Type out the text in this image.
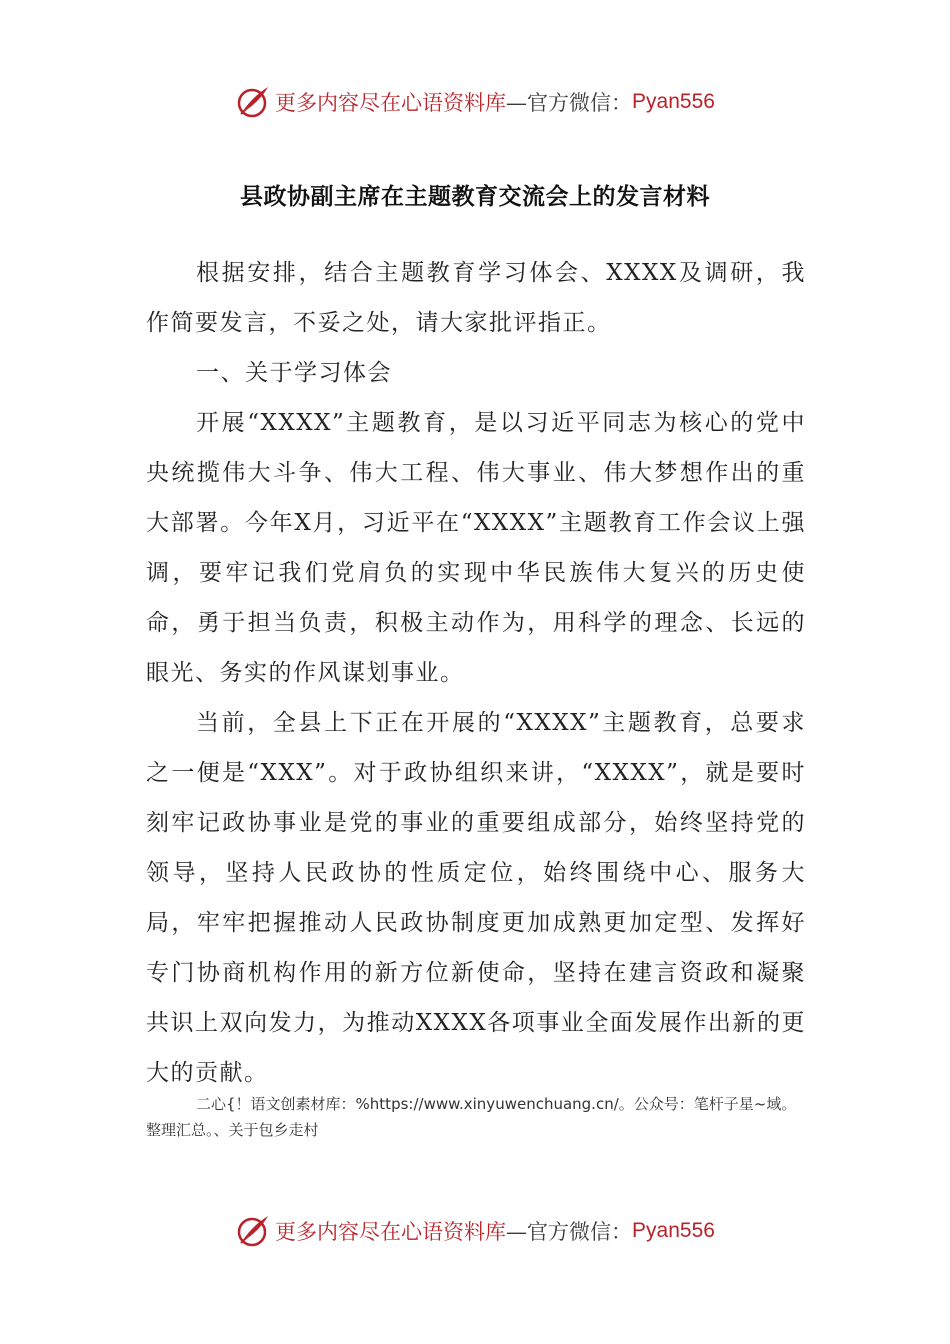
更多内容尽在心语资料库 —官方微信： Pyan556
县政协副主席在主题教育交流会上的发言材料

根据安排，结合主题教育学习体会、XXXX及调研，我作简要发言，不妥之处，请大家批评指正。

一、关于学习体会

开展“XXXX”主题教育，是以习近平同志为核心的党中央统揽伟大斗争、伟大工程、伟大事业、伟大梦想作出的重大部署。今年X月，习近平在“XXXX”主题教育工作会议上强调，要牢记我们党肩负的实现中华民族伟大复兴的历史使命，勇于担当负责，积极主动作为，用科学的理念、长远的眼光、务实的作风谋划事业。

当前，全县上下正在开展的“XXXX”主题教育，总要求之一便是“XXX”。对于政协组织来讲，“XXXX”，就是要时刻牢记政协事业是党的事业的重要组成部分，始终坚持党的领导，坚持人民政协的性质定位，始终围绕中心、服务大局，牢牢把握推动人民政协制度更加成熟更加定型、发挥好专门协商机构作用的新方位新使命，坚持在建言资政和凝聚共识上双向发力，为推动XXXX各项事业全面发展作出新的更大的贡献。

二心{！语文创素材库：%https://www.xinyuwenchuang.cn/。公众号：笔杆子星~域。整理汇总。、关于包乡走村

更多内容尽在心语资料库 —官方微信： Pyan556
